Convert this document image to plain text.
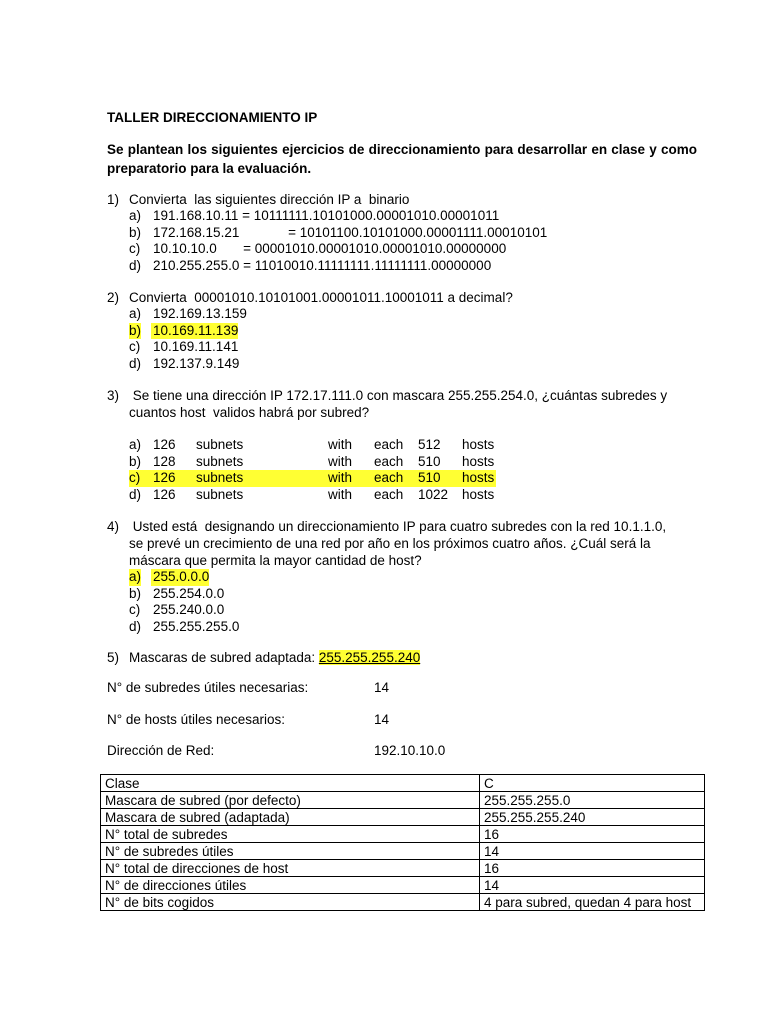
TALLER DIRECCIONAMIENTO IP
Se plantean los siguientes ejercicios de direccionamiento para desarrollar en clase y como preparatorio para la evaluación.
1) Convierta  las siguientes dirección IP a  binario
a) 191.168.10.11 = 10111111.10101000.00001010.00001011
b) 172.168.15.21             = 10101100.10101000.00001111.00010101
c) 10.10.10.0       = 00001010.00001010.00001010.00000000
d) 210.255.255.0 = 11010010.11111111.11111111.00000000
2) Convierta  00001010.10101001.00001011.10001011 a decimal?
a) 192.169.13.159
b) 10.169.11.139
c) 10.169.11.141
d) 192.137.9.149
3) Se tiene una dirección IP 172.17.111.0 con mascara 255.255.254.0, ¿cuántas subredes y
cuantos host  validos habrá por subred?
a) 126 subnets	with each 512 hosts
b) 128 subnets	with each 510 hosts
c) 126 subnets	with each 510 hosts
d) 126 subnets	with each 1022 hosts
4) Usted está  designando un direccionamiento IP para cuatro subredes con la red 10.1.1.0,
se prevé un crecimiento de una red por año en los próximos cuatro años. ¿Cuál será la
máscara que permita la mayor cantidad de host?
a) 255.0.0.0
b) 255.254.0.0
c) 255.240.0.0
d) 255.255.255.0
5) Mascaras de subred adaptada: 255.255.255.240
N° de subredes útiles necesarias:	14
N° de hosts útiles necesarios:	14
Dirección de Red:	192.10.10.0
Clase	C
Mascara de subred (por defecto)	255.255.255.0
Mascara de subred (adaptada)	255.255.255.240
N° total de subredes	16
N° de subredes útiles	14
N° total de direcciones de host	16
N° de direcciones útiles	14
N° de bits cogidos	4 para subred, quedan 4 para host
